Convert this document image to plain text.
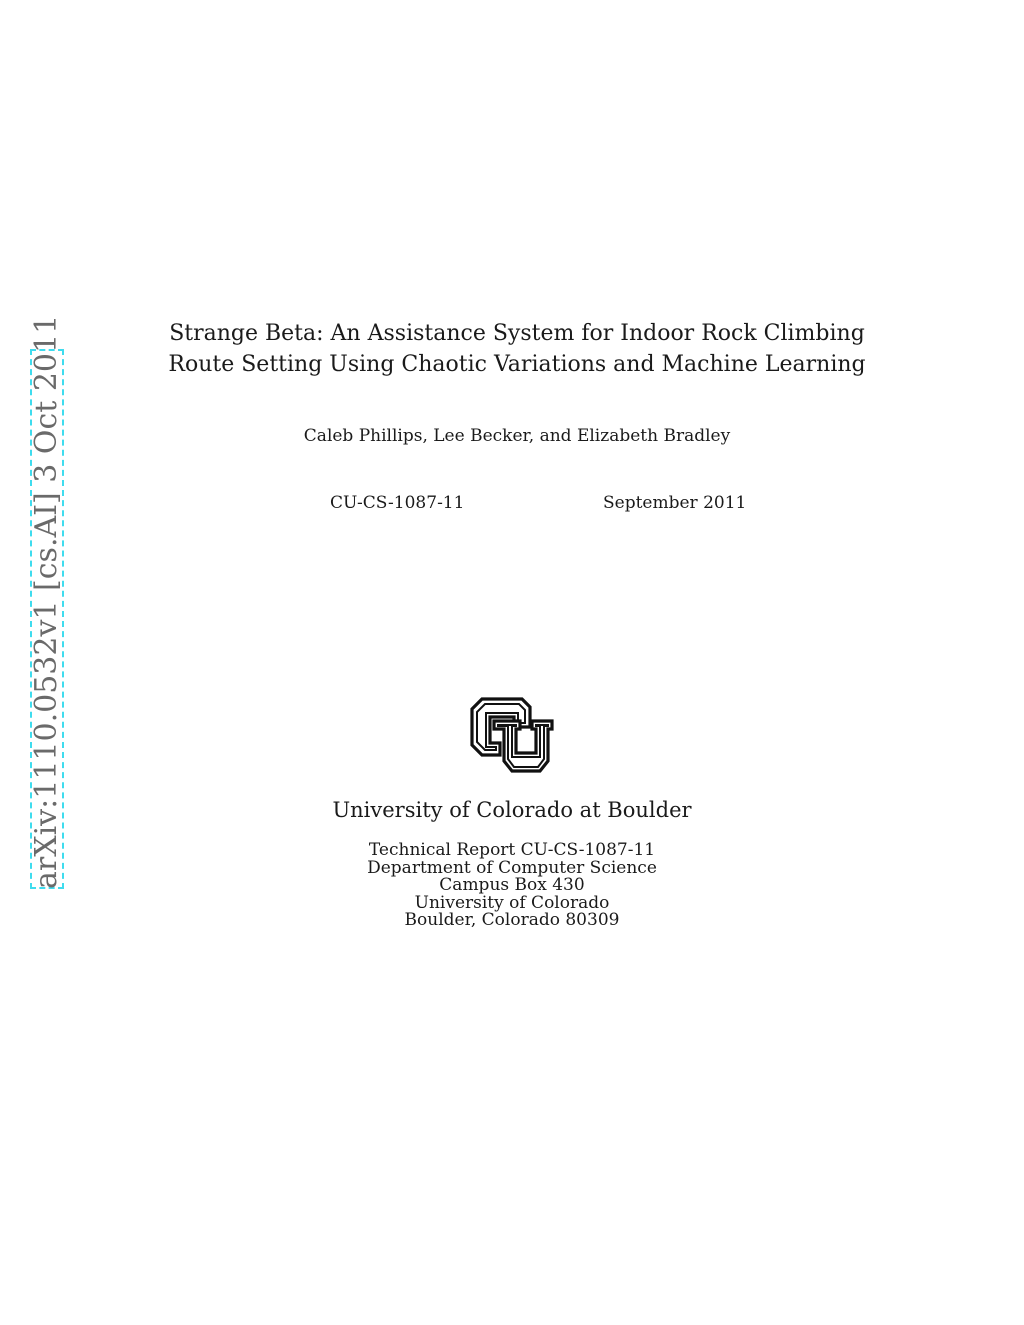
arXiv:1110.0532v1 [cs.AI] 3 Oct 2011	Strange Beta: An Assistance System for Indoor Rock Climbing
Route Setting Using Chaotic Variations and Machine Learning
Caleb Phillips, Lee Becker, and Elizabeth Bradley
CU-CS-1087-11	September 2011
University of Colorado at Boulder
Technical Report CU-CS-1087-11
Department of Computer Science
Campus Box 430
University of Colorado
Boulder, Colorado 80309
